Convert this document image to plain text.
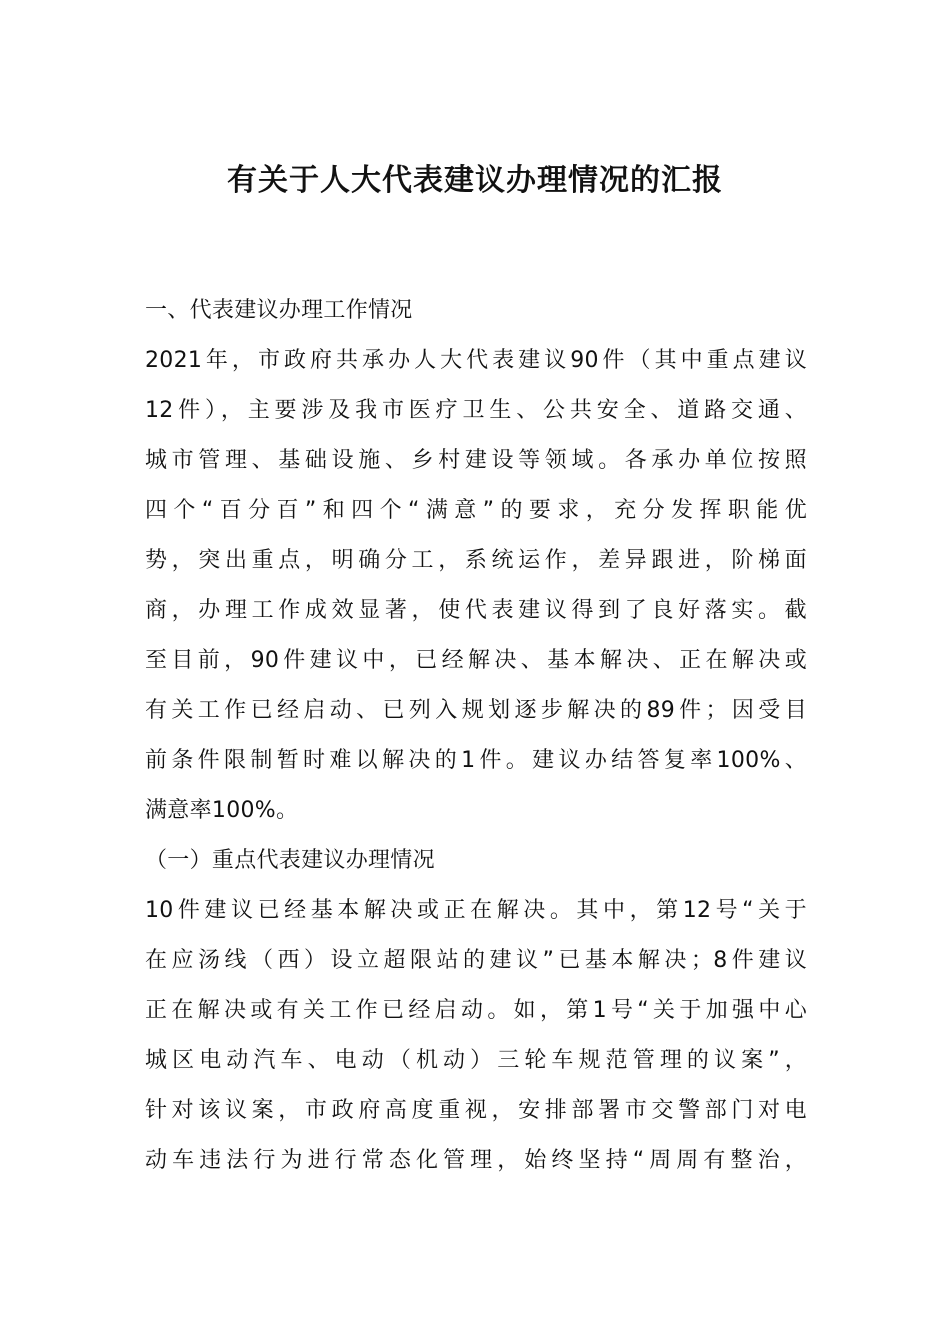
有关于人大代表建议办理情况的汇报
一、代表建议办理工作情况
2021年，市政府共承办人大代表建议90件（其中重点建议
12件），主要涉及我市医疗卫生、公共安全、道路交通、
城市管理、基础设施、乡村建设等领域。各承办单位按照
四个“百分百”和四个“满意”的要求，充分发挥职能优
势，突出重点，明确分工，系统运作，差异跟进，阶梯面
商，办理工作成效显著，使代表建议得到了良好落实。截
至目前，90件建议中，已经解决、基本解决、正在解决或
有关工作已经启动、已列入规划逐步解决的89件；因受目
前条件限制暂时难以解决的1件。建议办结答复率100%、
满意率100%。
（一）重点代表建议办理情况
10件建议已经基本解决或正在解决。其中，第12号“关于
在应汤线（西）设立超限站的建议”已基本解决；8件建议
正在解决或有关工作已经启动。如，第1号“关于加强中心
城区电动汽车、电动（机动）三轮车规范管理的议案”，
针对该议案，市政府高度重视，安排部署市交警部门对电
动车违法行为进行常态化管理，始终坚持“周周有整治，
